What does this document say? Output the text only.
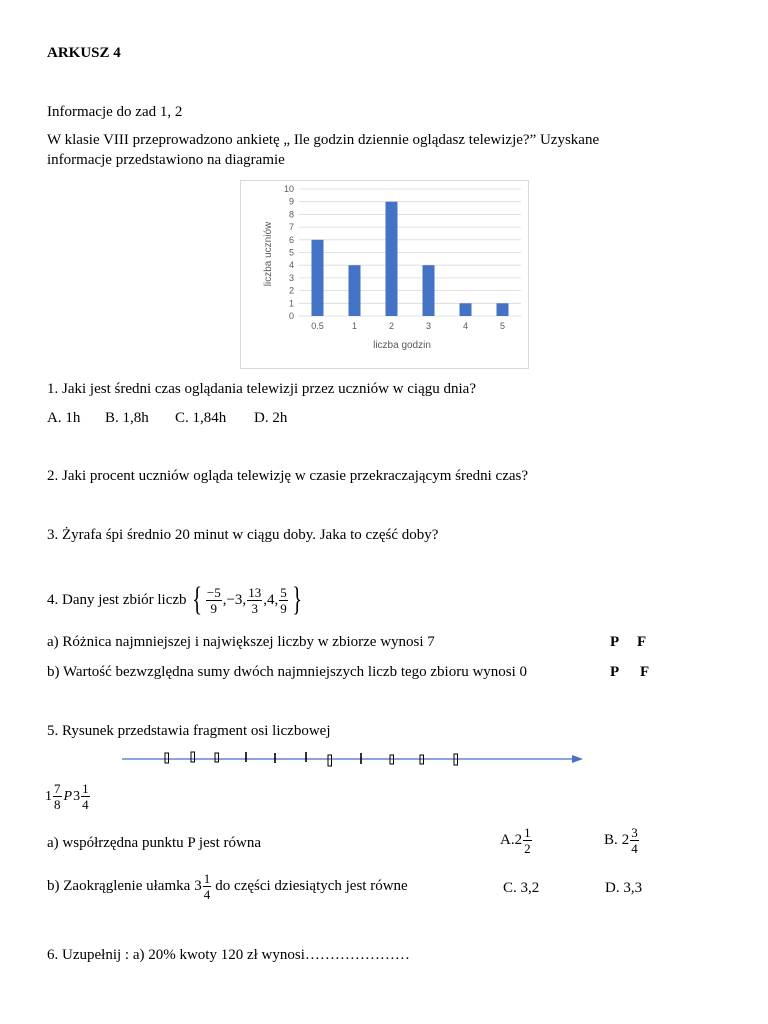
ARKUSZ 4
Informacje do zad 1, 2
W klasie VIII przeprowadzono ankietę „ Ile godzin dziennie oglądasz telewizje?” Uzyskane
informacje przedstawiono na diagramie
0
1
2
3
4
5
6
7
8
9
10
0.5	1	2	3	4	5
liczba uczniów
liczba godzin
1. Jaki jest średni czas oglądania telewizji przez uczniów w ciągu dnia?
A. 1h B. 1,8h C. 1,84h D. 2h
2. Jaki procent uczniów ogląda telewizję w czasie przekraczającym średni czas?
3. Żyrafa śpi średnio 20 minut w ciągu doby. Jaka to część doby?
4. Dany jest zbiór liczb { $\frac{-5}{9} ,-3$, $\frac{13}{3} ,4$, $\frac{5}{9}$ }
a) Różnica najmniejszej i największej liczby w zbiorze wynosi 7	P F
b) Wartość bezwzględna sumy dwóch najmniejszych liczb tego zbioru wynosi 0	P F
5. Rysunek przedstawia fragment osi liczbowej
$1 \frac{7}{8}$ P $3 \frac{1}{4}$
a) współrzędna punktu P jest równa	A. $2 \frac{1}{2}$	B. $2 \frac{3}{4}$
b) Zaokrąglenie ułamka $3 \frac{1}{4}$ do części dziesiątych jest równe	C. 3,2	D. 3,3
6. Uzupełnij : a) 20% kwoty 120 zł wynosi…………………
